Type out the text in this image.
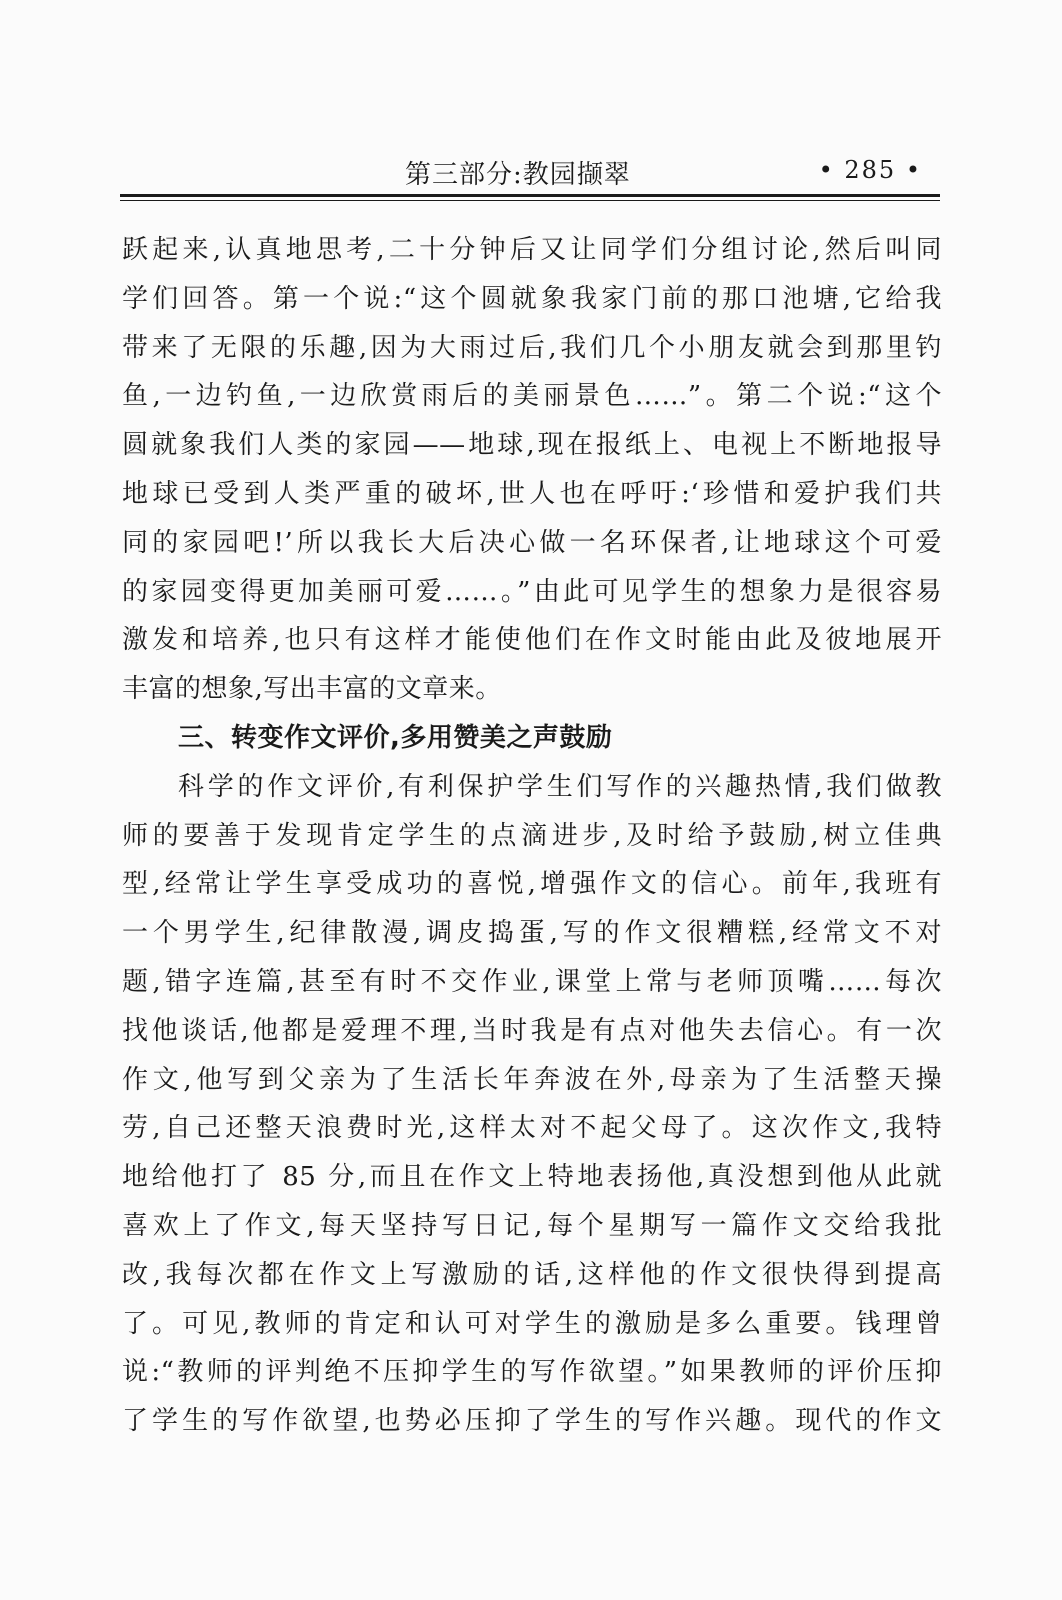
第三部分:教园撷翠	• 285 •
跃起来,认真地思考,二十分钟后又让同学们分组讨论,然后叫同
学们回答。第一个说:“这个圆就象我家门前的那口池塘,它给我
带来了无限的乐趣,因为大雨过后,我们几个小朋友就会到那里钓
鱼,一边钓鱼,一边欣赏雨后的美丽景色……”。第二个说:“这个
圆就象我们人类的家园——地球,现在报纸上、电视上不断地报导
地球已受到人类严重的破坏,世人也在呼吁:‘珍惜和爱护我们共
同的家园吧!’所以我长大后决心做一名环保者,让地球这个可爱
的家园变得更加美丽可爱……。”由此可见学生的想象力是很容易
激发和培养,也只有这样才能使他们在作文时能由此及彼地展开
丰富的想象,写出丰富的文章来。
三、转变作文评价,多用赞美之声鼓励
科学的作文评价,有利保护学生们写作的兴趣热情,我们做教
师的要善于发现肯定学生的点滴进步,及时给予鼓励,树立佳典
型,经常让学生享受成功的喜悦,增强作文的信心。前年,我班有
一个男学生,纪律散漫,调皮捣蛋,写的作文很糟糕,经常文不对
题,错字连篇,甚至有时不交作业,课堂上常与老师顶嘴……每次
找他谈话,他都是爱理不理,当时我是有点对他失去信心。有一次
作文,他写到父亲为了生活长年奔波在外,母亲为了生活整天操
劳,自己还整天浪费时光,这样太对不起父母了。这次作文,我特
地给他打了 85 分,而且在作文上特地表扬他,真没想到他从此就
喜欢上了作文,每天坚持写日记,每个星期写一篇作文交给我批
改,我每次都在作文上写激励的话,这样他的作文很快得到提高
了。可见,教师的肯定和认可对学生的激励是多么重要。钱理曾
说:“教师的评判绝不压抑学生的写作欲望。”如果教师的评价压抑
了学生的写作欲望,也势必压抑了学生的写作兴趣。现代的作文
